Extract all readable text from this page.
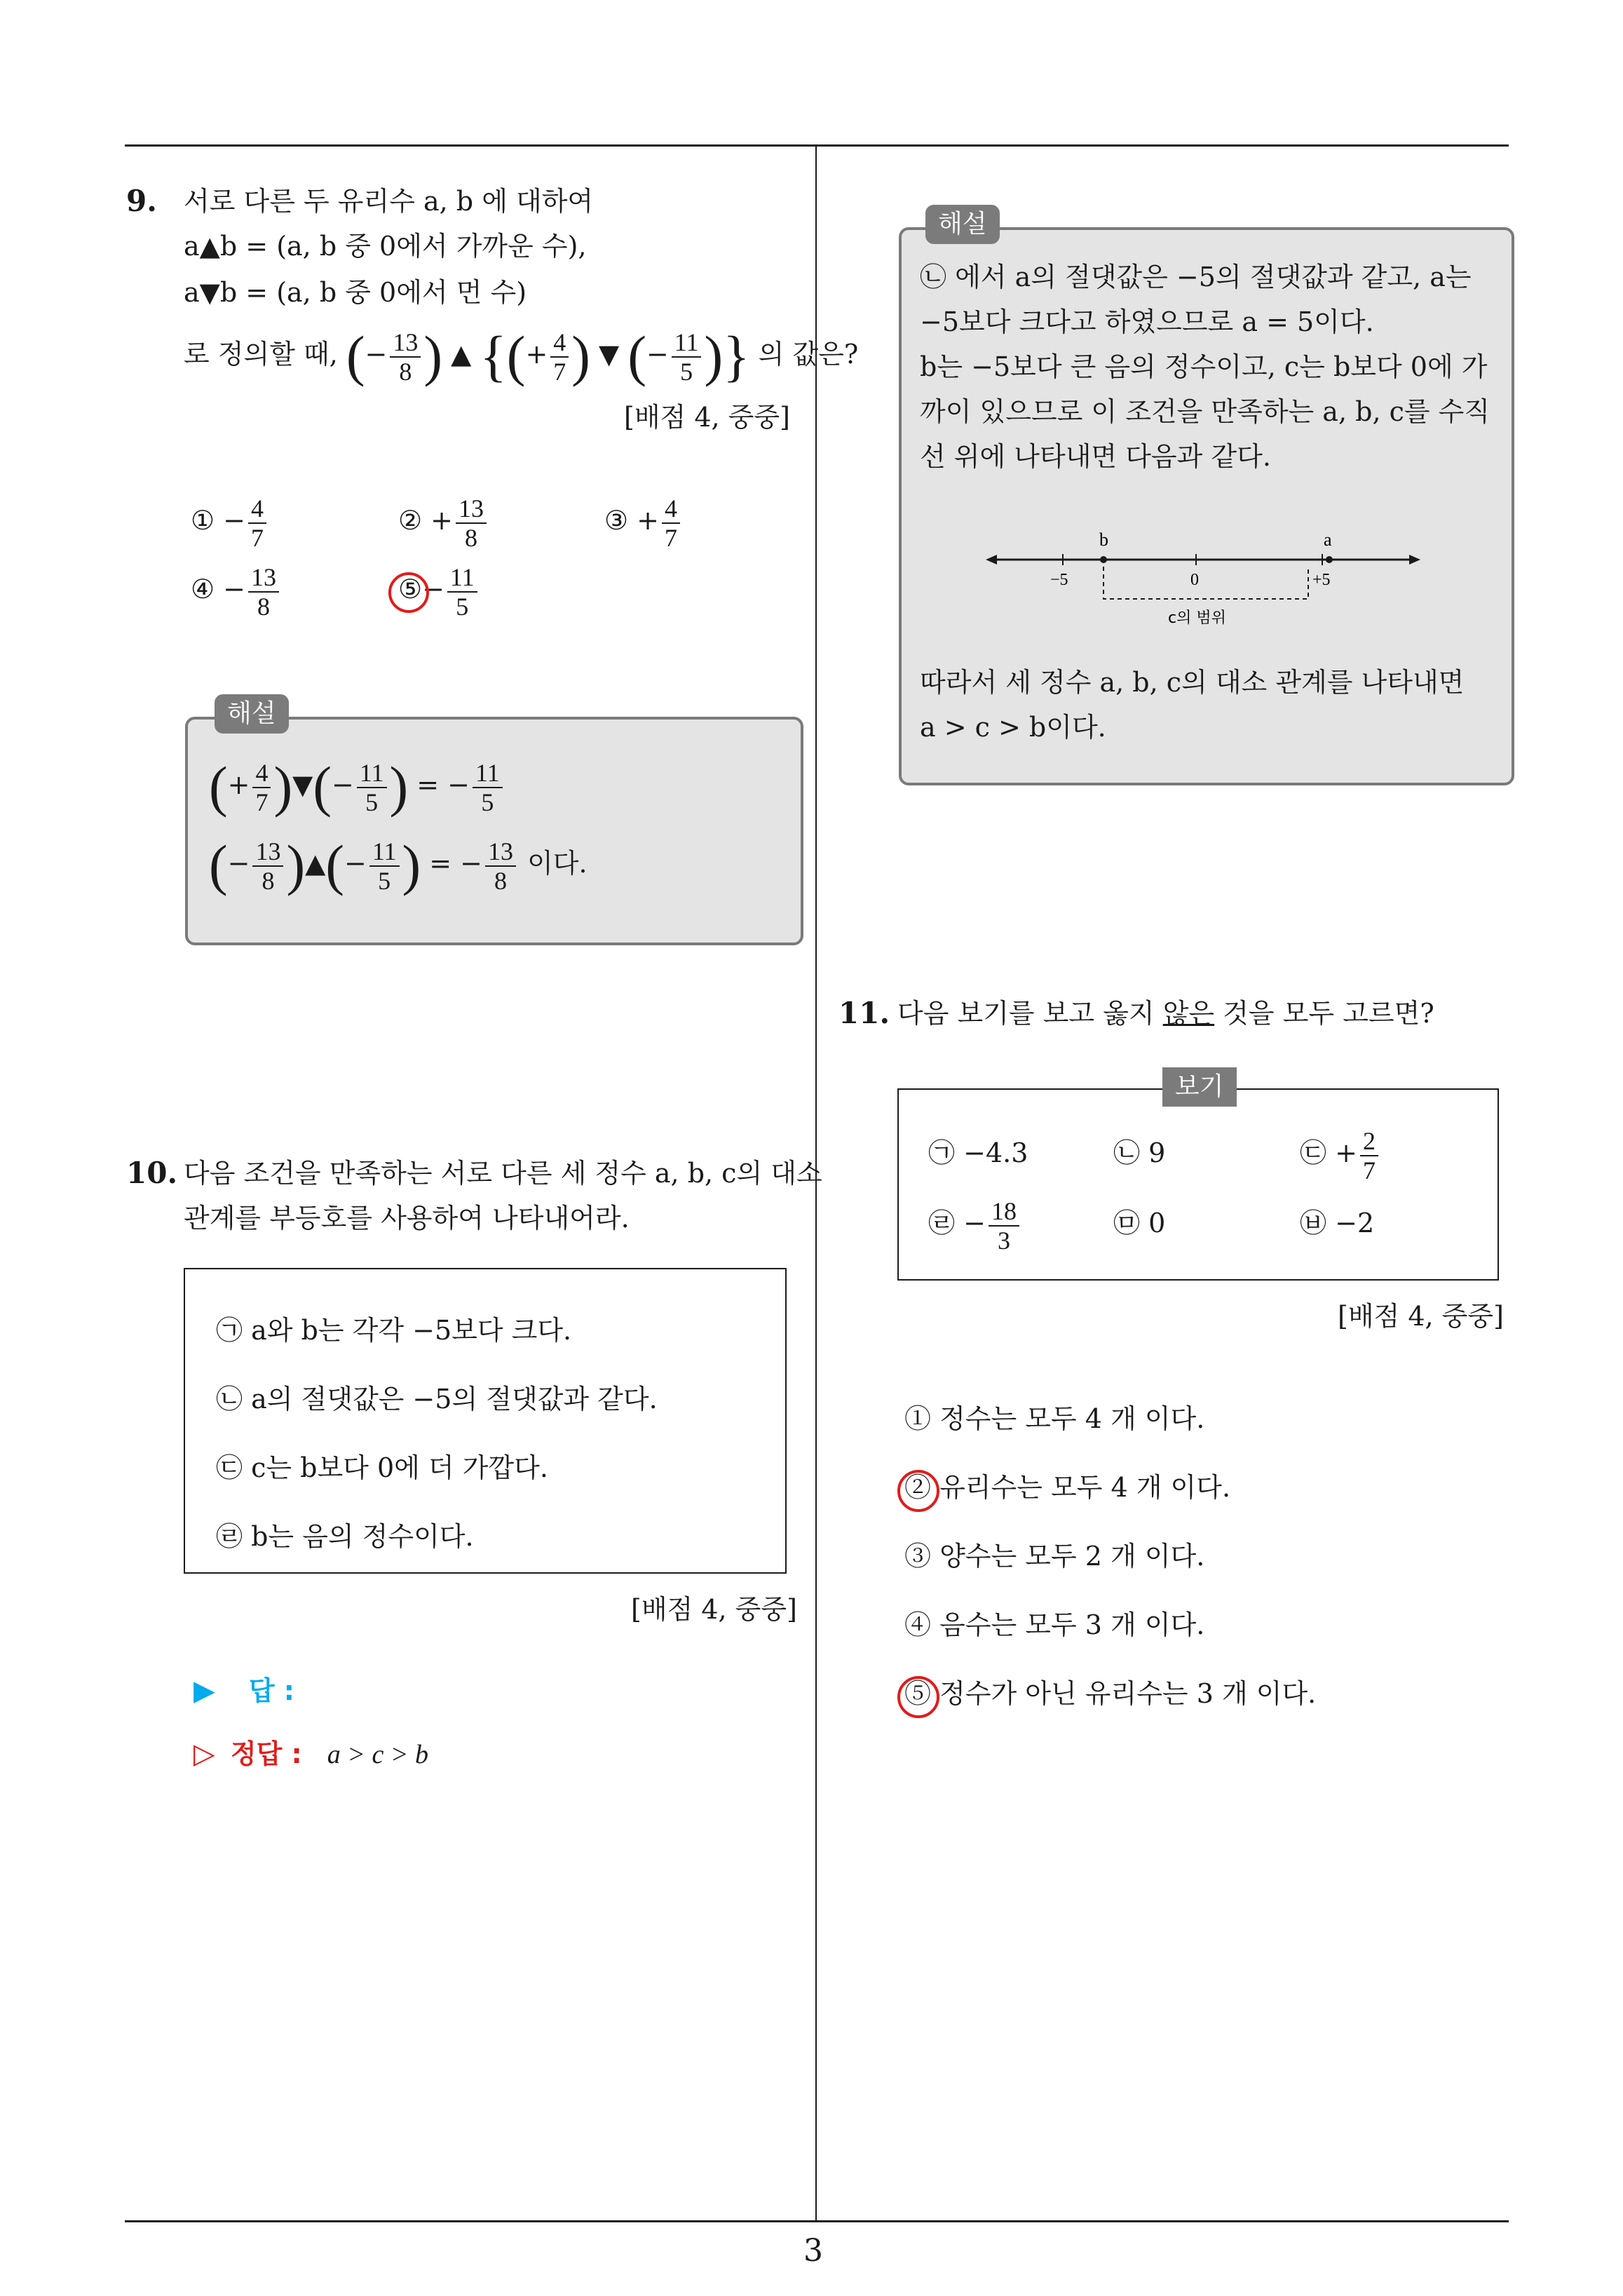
3
9. 서로 다른 두 유리수 a, b 에 대하여
a▲b = (a, b 중 0에서 가까운 수),
a▼b = (a, b 중 0에서 먼 수)
로 정의할 때, (− $\frac{13}{8}$ ) ▲ {(+ $\frac{4}{7}$ ) ▼ (− $\frac{11}{5}$ )} 의 값은?
[배점 4, 중중]
① − $\frac{4}{7}$	② + $\frac{13}{8}$	③ + $\frac{4}{7}$
④ − $\frac{13}{8}$	⑤− $\frac{11}{5}$
(+ $\frac{4}{7}$ )▼(− $\frac{11}{5}$ ) = − $\frac{11}{5}$
(− $\frac{13}{8}$ )▲(− $\frac{11}{5}$ ) = − $\frac{13}{8}$ 이다.
해설
10. 다음 조건을 만족하는 서로 다른 세 정수 a, b, c의 대소
관계를 부등호를 사용하여 나타내어라.
㉠ a와 b는 각각 −5보다 크다.
㉡ a의 절댓값은 −5의 절댓값과 같다.
㉢ c는 b보다 0에 더 가깝다.
㉣ b는 음의 정수이다.
[배점 4, 중중]
▶ 답 :
▷ 정답 : a > c > b
㉡ 에서 a의 절댓값은 −5의 절댓값과 같고, a는
−5보다 크다고 하였으므로 a = 5이다.
b는 −5보다 큰 음의 정수이고, c는 b보다 0에 가
까이 있으므로 이 조건을 만족하는 a, b, c를 수직
선 위에 나타내면 다음과 같다.
b	a
−5	0	+5
c의 범위
따라서 세 정수 a, b, c의 대소 관계를 나타내면
a > c > b이다.
해설
11. 다음 보기를 보고 옳지 않은 것을 모두 고르면?
㉠ −4.3	㉡ 9	㉢ + $\frac{2}{7}$
㉣ − $\frac{18}{3}$	㉤ 0	㉥ −2
보기
[배점 4, 중중]
① 정수는 모두 4 개 이다.
② 유리수는 모두 4 개 이다.
③ 양수는 모두 2 개 이다.
④ 음수는 모두 3 개 이다.
⑤ 정수가 아닌 유리수는 3 개 이다.
